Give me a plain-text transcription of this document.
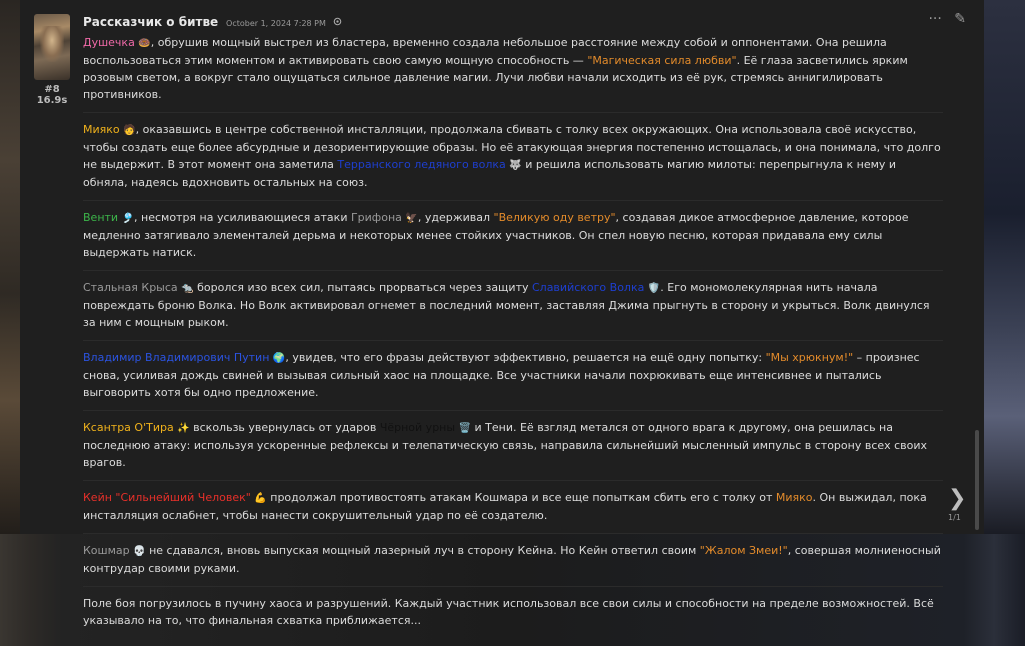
#8
16.9s
Рассказчик о битве October 1, 2024 7:28 PM	··· ✎

Душечка 🍩, обрушив мощный выстрел из бластера, временно создала небольшое расстояние между собой и оппонентами. Она решила воспользоваться этим моментом и активировать свою самую мощную способность — "Магическая сила любви". Её глаза засветились ярким розовым светом, а вокруг стало ощущаться сильное давление магии. Лучи любви начали исходить из её рук, стремясь аннигилировать противников.

Мияко 🧑, оказавшись в центре собственной инсталляции, продолжала сбивать с толку всех окружающих. Она использовала своё искусство, чтобы создать еще более абсурдные и дезориентирующие образы. Но её атакующая энергия постепенно истощалась, и она понимала, что долго не выдержит. В этот момент она заметила Терранского ледяного волка 🐺 и решила использовать магию милоты: перепрыгнула к нему и обняла, надеясь вдохновить остальных на союз.

Венти 🎐, несмотря на усиливающиеся атаки Грифона 🦅, удерживал "Великую оду ветру", создавая дикое атмосферное давление, которое медленно затягивало элементалей дерьма и некоторых менее стойких участников. Он спел новую песню, которая придавала ему силы выдержать натиск.

Стальная Крыса 🐀 боролся изо всех сил, пытаясь прорваться через защиту Славийского Волка 🛡️. Его мономолекулярная нить начала повреждать броню Волка. Но Волк активировал огнемет в последний момент, заставляя Джима прыгнуть в сторону и укрыться. Волк двинулся за ним с мощным рыком.

Владимир Владимирович Путин 🌍, увидев, что его фразы действуют эффективно, решается на ещё одну попытку: "Мы хрюкнум!" – произнес снова, усиливая дождь свиней и вызывая сильный хаос на площадке. Все участники начали похрюкивать еще интенсивнее и пытались выговорить хотя бы одно предложение.

Ксантра О'Тира ✨ вскользь увернулась от ударов Чёрной урны 🗑️ и Тени. Её взгляд метался от одного врага к другому, она решилась на последнюю атаку: используя ускоренные рефлексы и телепатическую связь, направила сильнейший мысленный импульс в сторону всех своих врагов.

Кейн "Сильнейший Человек" 💪 продолжал противостоять атакам Кошмара и все еще попыткам сбить его с толку от Мияко. Он выжидал, пока инсталляция ослабнет, чтобы нанести сокрушительный удар по её создателю.

Кошмар 💀 не сдавался, вновь выпуская мощный лазерный луч в сторону Кейна. Но Кейн ответил своим "Жалом Змеи!", совершая молниеносный контрудар своими руками.

Поле боя погрузилось в пучину хаоса и разрушений. Каждый участник использовал все свои силы и способности на пределе возможностей. Всё указывало на то, что финальная схватка приближается...

❯
1/1
